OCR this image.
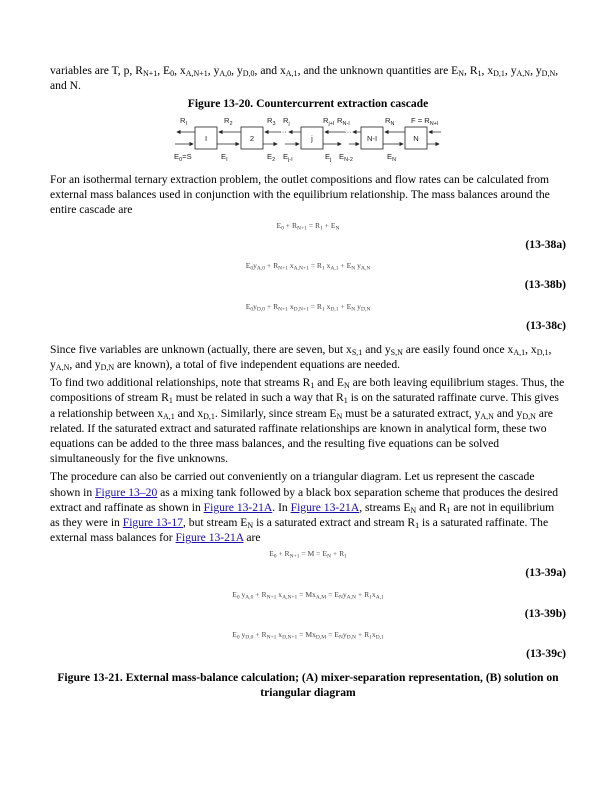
variables are T, p, $R_{N+1}$, $E_0$, $x_{A,N+1}$, $y_{A,0}$, $y_{D,0}$, and $x_{A,1}$, and the unknown quantities are $E_N$, $R_1$, $x_{D,1}$, $y_{A,N}$, $y_{D,N}$, and N.

Figure 13-20. Countercurrent extraction cascade
I	2	j	N-I	N
···	···
$R_I$	$R_2$	$R_3$ $R_j$	$R_{j+I}$ $R_{N-I}$	$R_N$ $F = R_{N+I}$
$E_0=S$	$E_I$	$E_2$ $E_{j-I}$	$E_j$ $E_{N-2}$	$E_N$

For an isothermal ternary extraction problem, the outlet compositions and flow rates can be calculated from external mass balances used in conjunction with the equilibrium relationship. The mass balances around the entire cascade are

$E_0 + R_{N+1} = R_1 + E_N$
(13-38a)
$E_0y_{A,0} + R_{N+1}$ $x_{A,N+1} = R_1$ $x_{A,1} + E_N$ $y_{A,N}$
(13-38b)
$E_0y_{D,0} + R_{N+1}$ $x_{D,N+1} = R_1$ $x_{D,1} + E_N$ $y_{D,N}$
(13-38c)

Since five variables are unknown (actually, there are seven, but $x_{S,1}$ and $y_{S,N}$ are easily found once $x_{A,1}$, $x_{D,1}$, $y_{A,N}$, and $y_{D,N}$ are known), a total of five independent equations are needed.

To find two additional relationships, note that streams $R_1$ and $E_N$ are both leaving equilibrium stages. Thus, the compositions of stream $R_1$ must be related in such a way that $R_1$ is on the saturated raffinate curve. This gives a relationship between $x_{A,1}$ and $x_{D,1}$. Similarly, since stream $E_N$ must be a saturated extract, $y_{A,N}$ and $y_{D,N}$ are related. If the saturated extract and saturated raffinate relationships are known in analytical form, these two equations can be added to the three mass balances, and the resulting five equations can be solved simultaneously for the five unknowns.

The procedure can also be carried out conveniently on a triangular diagram. Let us represent the cascade shown in Figure 13–20 as a mixing tank followed by a black box separation scheme that produces the desired extract and raffinate as shown in Figure 13-21A. In Figure 13-21A, streams $E_N$ and $R_1$ are not in equilibrium as they were in Figure 13-17, but stream $E_N$ is a saturated extract and stream $R_1$ is a saturated raffinate. The external mass balances for Figure 13-21A are

$E_0 + R_{N+1} = M = E_N + R_1$
(13-39a)
$E_0$ $y_{A,0} + R_{N+1}$ $x_{A,N+1} = Mx_{A,M} = E_Ny_{A,N} + R_1x_{A,1}$
(13-39b)
$E_0$ $y_{D,0} + R_{N+1}$ $x_{D,N+1} = Mx_{D,M} = E_Ny_{D,N} + R_1x_{D,1}$
(13-39c)
Figure 13-21. External mass-balance calculation; (A) mixer-separation representation, (B) solution on triangular diagram
